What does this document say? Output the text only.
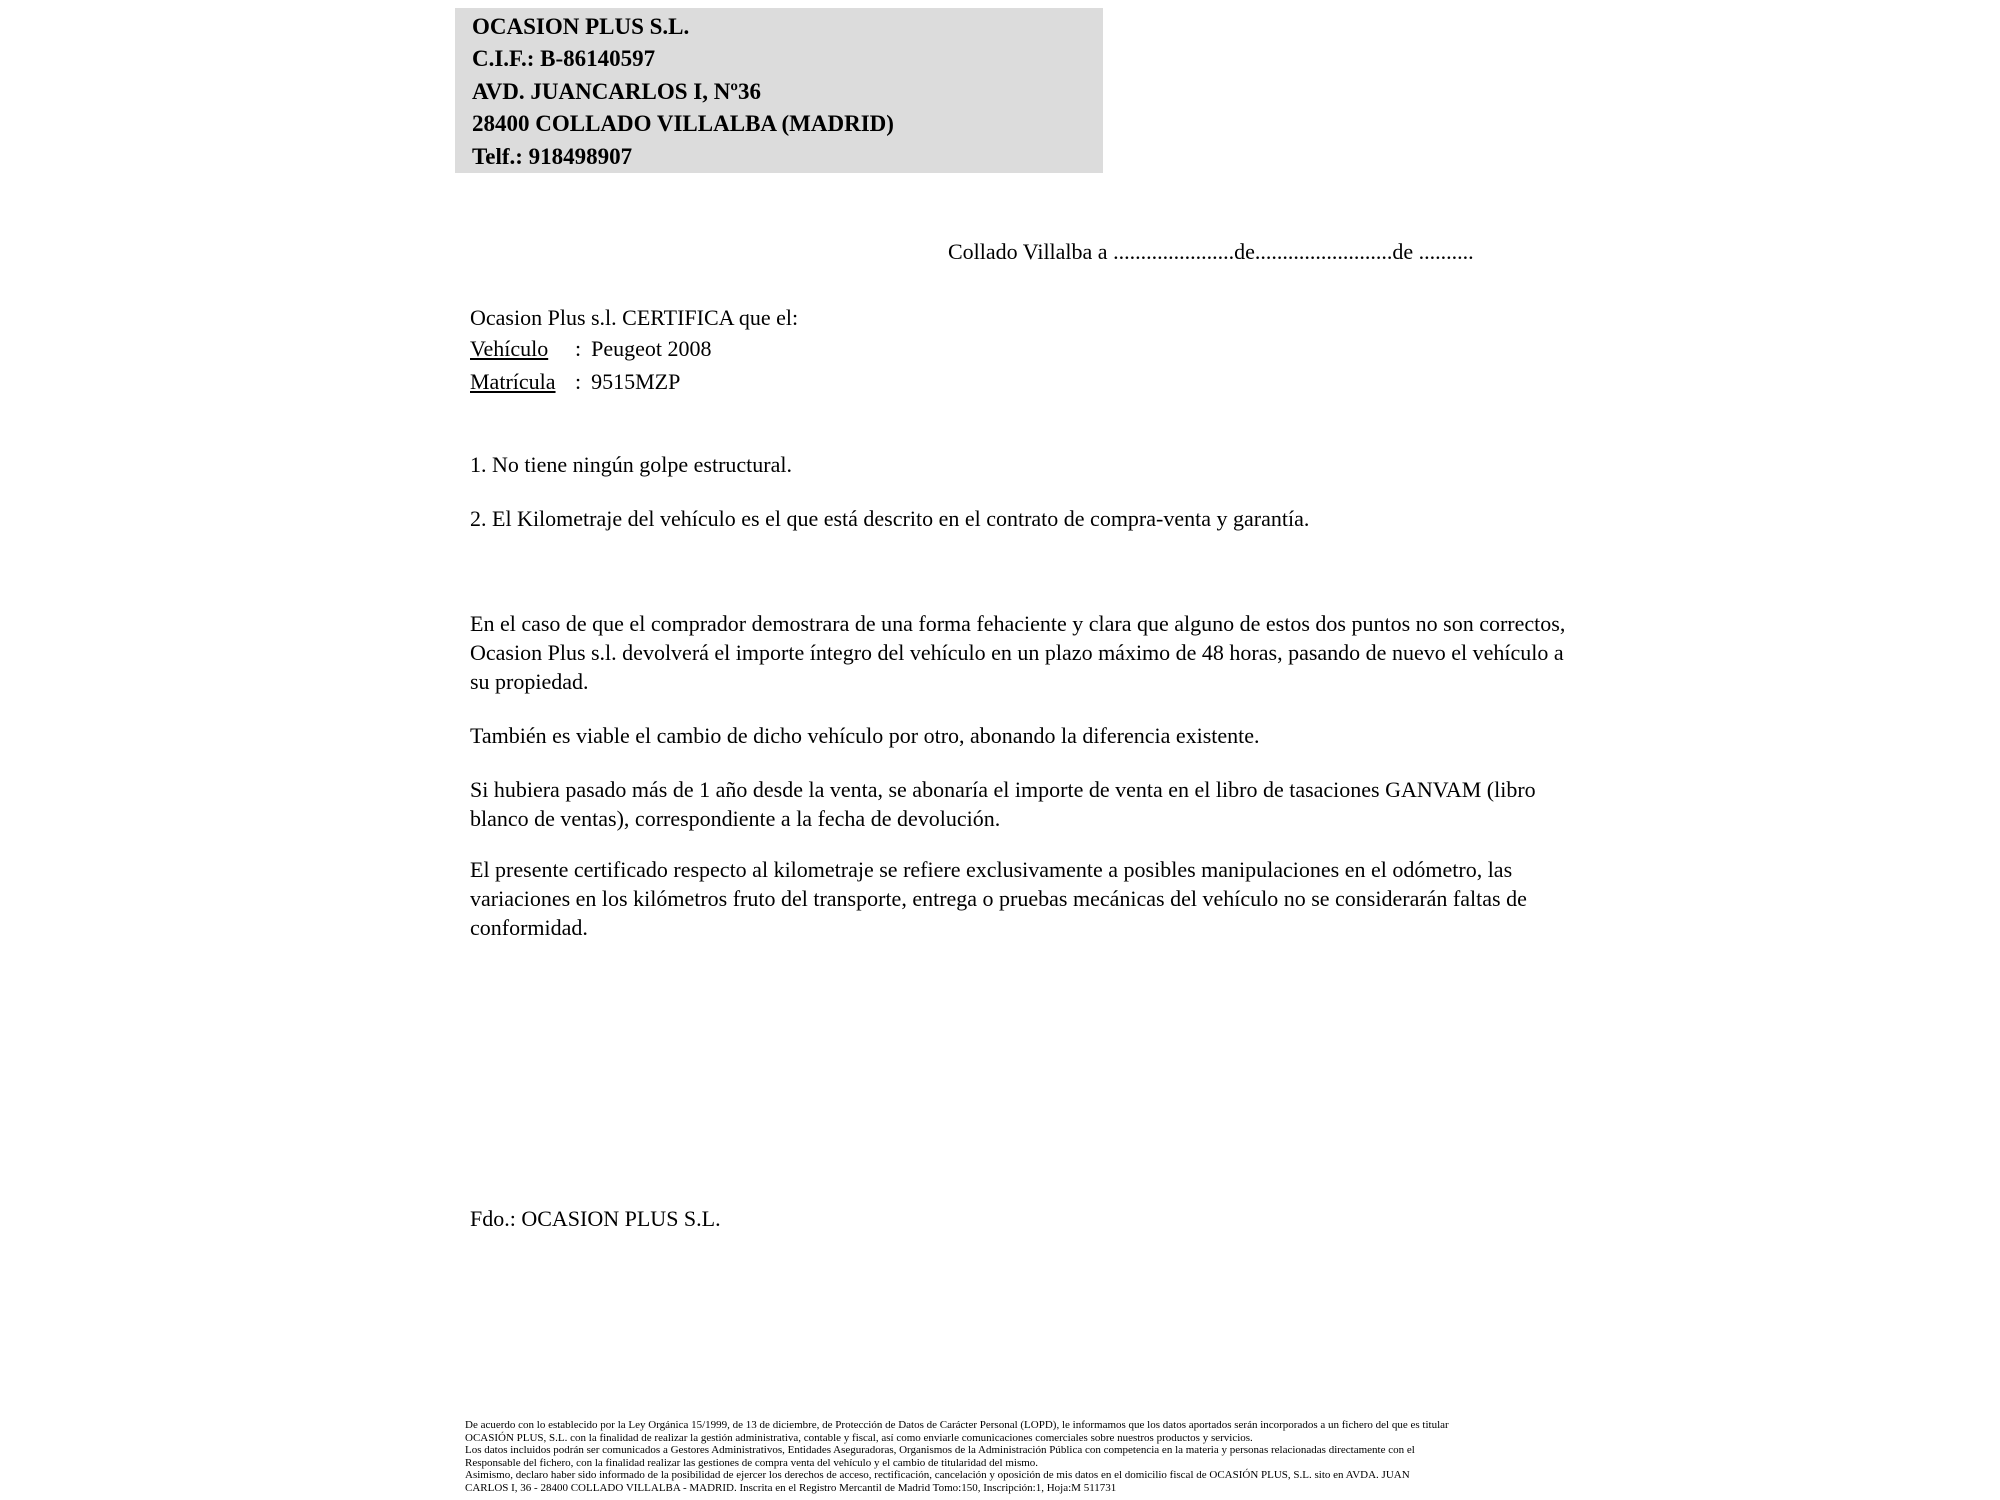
OCASION PLUS S.L.
C.I.F.: B-86140597
AVD. JUANCARLOS I, Nº36
28400 COLLADO VILLALBA (MADRID)
Telf.: 918498907
Collado Villalba a ......................de.........................de ..........
Ocasion Plus s.l. CERTIFICA que el:
Vehículo : Peugeot 2008
Matrícula : 9515MZP
1. No tiene ningún golpe estructural.
2. El Kilometraje del vehículo es el que está descrito en el contrato de compra-venta y garantía.

En el caso de que el comprador demostrara de una forma fehaciente y clara que alguno de estos dos puntos no son correctos, Ocasion Plus s.l. devolverá el importe íntegro del vehículo en un plazo máximo de 48 horas, pasando de nuevo el vehículo a su propiedad.

También es viable el cambio de dicho vehículo por otro, abonando la diferencia existente.

Si hubiera pasado más de 1 año desde la venta, se abonaría el importe de venta en el libro de tasaciones GANVAM (libro blanco de ventas), correspondiente a la fecha de devolución.

El presente certificado respecto al kilometraje se refiere exclusivamente a posibles manipulaciones en el odómetro, las variaciones en los kilómetros fruto del transporte, entrega o pruebas mecánicas del vehículo no se considerarán faltas de conformidad.

Fdo.: OCASION PLUS S.L.
De acuerdo con lo establecido por la Ley Orgánica 15/1999, de 13 de diciembre, de Protección de Datos de Carácter Personal (LOPD), le informamos que los datos aportados serán incorporados a un fichero del que es titular
OCASIÓN PLUS, S.L. con la finalidad de realizar la gestión administrativa, contable y fiscal, así como enviarle comunicaciones comerciales sobre nuestros productos y servicios.
Los datos incluidos podrán ser comunicados a Gestores Administrativos, Entidades Aseguradoras, Organismos de la Administración Pública con competencia en la materia y personas relacionadas directamente con el
Responsable del fichero, con la finalidad realizar las gestiones de compra venta del vehículo y el cambio de titularidad del mismo.
Asimismo, declaro haber sido informado de la posibilidad de ejercer los derechos de acceso, rectificación, cancelación y oposición de mis datos en el domicilio fiscal de OCASIÓN PLUS, S.L. sito en AVDA. JUAN
CARLOS I, 36 - 28400 COLLADO VILLALBA - MADRID. Inscrita en el Registro Mercantil de Madrid Tomo:150, Inscripción:1, Hoja:M 511731
